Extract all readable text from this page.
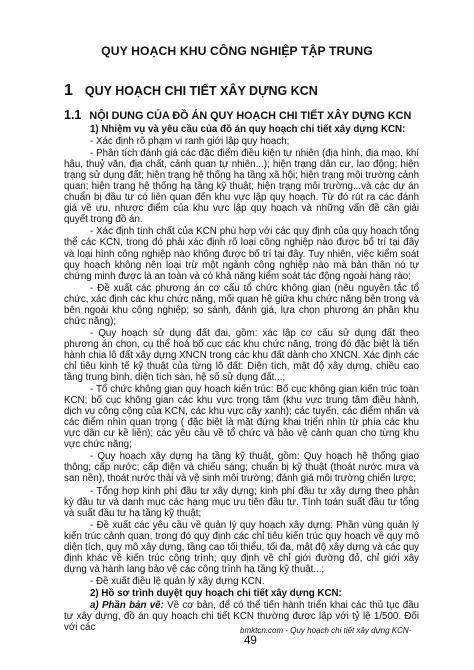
QUY HOẠCH KHU CÔNG NGHIỆP TẬP TRUNG
1 QUY HOẠCH CHI TIẾT XÂY DỰNG KCN
1.1 NỘI DUNG CỦA ĐỒ ÁN QUY HOẠCH CHI TIẾT XÂY DỰNG KCN

1) Nhiệm vụ và yêu cầu của đồ án quy hoạch chi tiết xây dựng KCN:

- Xác định rõ phạm vi ranh giới lập quy hoạch;

- Phân tích đánh giá các đặc điểm điều kiện tự nhiên (địa hình, địa mạo, khí hậu, thuỷ văn, địa chất, cảnh quan tự nhiên...); hiện trạng dân cư, lao động; hiện trạng sử dụng đất; hiện trạng hệ thống hạ tầng xã hội; hiện trạng môi trường cảnh quan; hiện trạng hệ thống hạ tầng kỹ thuật; hiện trạng môi trường...và các dự án chuẩn bị đầu tư có liên quan đến khu vực lập quy hoạch. Từ đó rút ra các đánh giá về ưu, nhược điểm của khu vực lập quy hoạch và những vấn đề cần giải quyết trong đồ án.

- Xác định tính chất của KCN phù hợp với các quy định của quy hoạch tổng thể các KCN, trong đó phải xác định rõ loại công nghiệp nào được bố trí tại đây và loại hình công nghiệp nào không được bố trí tại đây. Tuy nhiên, việc kiểm soát quy hoạch không nên loại trừ một ngành công nghiệp nào mà bản thân nó tự chứng minh được là an toàn và có khả năng kiểm soát tác động ngoài hàng rào;

- Đề xuất các phương án cơ cấu tổ chức không gian (nêu nguyên tắc tổ chức, xác định các khu chức năng, mối quan hệ giữa khu chức năng bên trong và bên ngoài khu công nghiệp; so sánh, đánh giá, lựa chọn phương án phân khu chức năng);

- Quy hoạch sử dụng đất đai, gồm: xác lập cơ cấu sử dụng đất theo phương án chọn, cụ thể hoá bố cục các khu chức năng, trong đó đặc biệt là tiến hành chia lô đất xây dựng XNCN trong các khu đất dành cho XNCN. Xác định các chỉ tiêu kinh tế kỹ thuật của từng lô đất: Diện tích, mật độ xây dựng, chiều cao tầng trung bình, diện tích sàn, hệ số sử dụng đất...;

- Tổ chức không gian quy hoạch kiến trúc: Bố cục không gian kiến trúc toàn KCN; bố cục không gian các khu vực trọng tâm (khu vực trung tâm điều hành, dịch vụ công cộng của KCN, các khu vực cây xanh); các tuyến, các điểm nhấn và các điểm nhìn quan trọng ( đặc biệt là mặt đứng khai triển nhìn từ phía các khu vực dân cư kề liền); các yêu cầu về tổ chức và bảo vệ cảnh quan cho từng khu vực chức năng;

- Quy hoạch xây dựng hạ tầng kỹ thuật, gồm: Quy hoạch hệ thống giao thông; cấp nước; cấp điện và chiếu sáng; chuẩn bị kỹ thuật (thoát nước mưa và san nền), thoát nước thải và vệ sinh môi trường; đánh giá môi trường chiến lược;

- Tổng hợp kinh phí đầu tư xây dựng; kinh phí đầu tư xây dựng theo phân kỳ đầu tư và danh mục các hạng mục ưu tiên đầu tư. Tính toán suất đầu tư tổng và suất đầu tư hạ tầng kỹ thuật;

- Đề xuất các yêu cầu về quản lý quy hoạch xây dựng: Phần vùng quản lý kiến trúc cảnh quan, trong đó quy định các chỉ tiêu kiến trúc quy hoạch về quy mô diện tích, quy mô xây dựng, tầng cao tối thiểu, tối đa, mật độ xây dựng và các quy định khác về kiến trúc công trình; quy định về chỉ giới đường đỏ, chỉ giới xây dựng và hành lang bảo vệ các công trình hạ tầng kỹ thuật...;

- Đề xuất điều lệ quản lý xây dựng KCN.

2) Hồ sơ trình duyệt quy hoạch chi tiết xây dựng KCN:

a) Phần bản vẽ: Về cơ bản, để có thể tiến hành triển khai các thủ tục đầu tư xây dựng, đồ án quy hoạch chi tiết KCN thường được lập với tỷ lệ 1/500. Đối với các	bmktcn.com - Quy hoạch chi tiết xây dựng KCN-49
